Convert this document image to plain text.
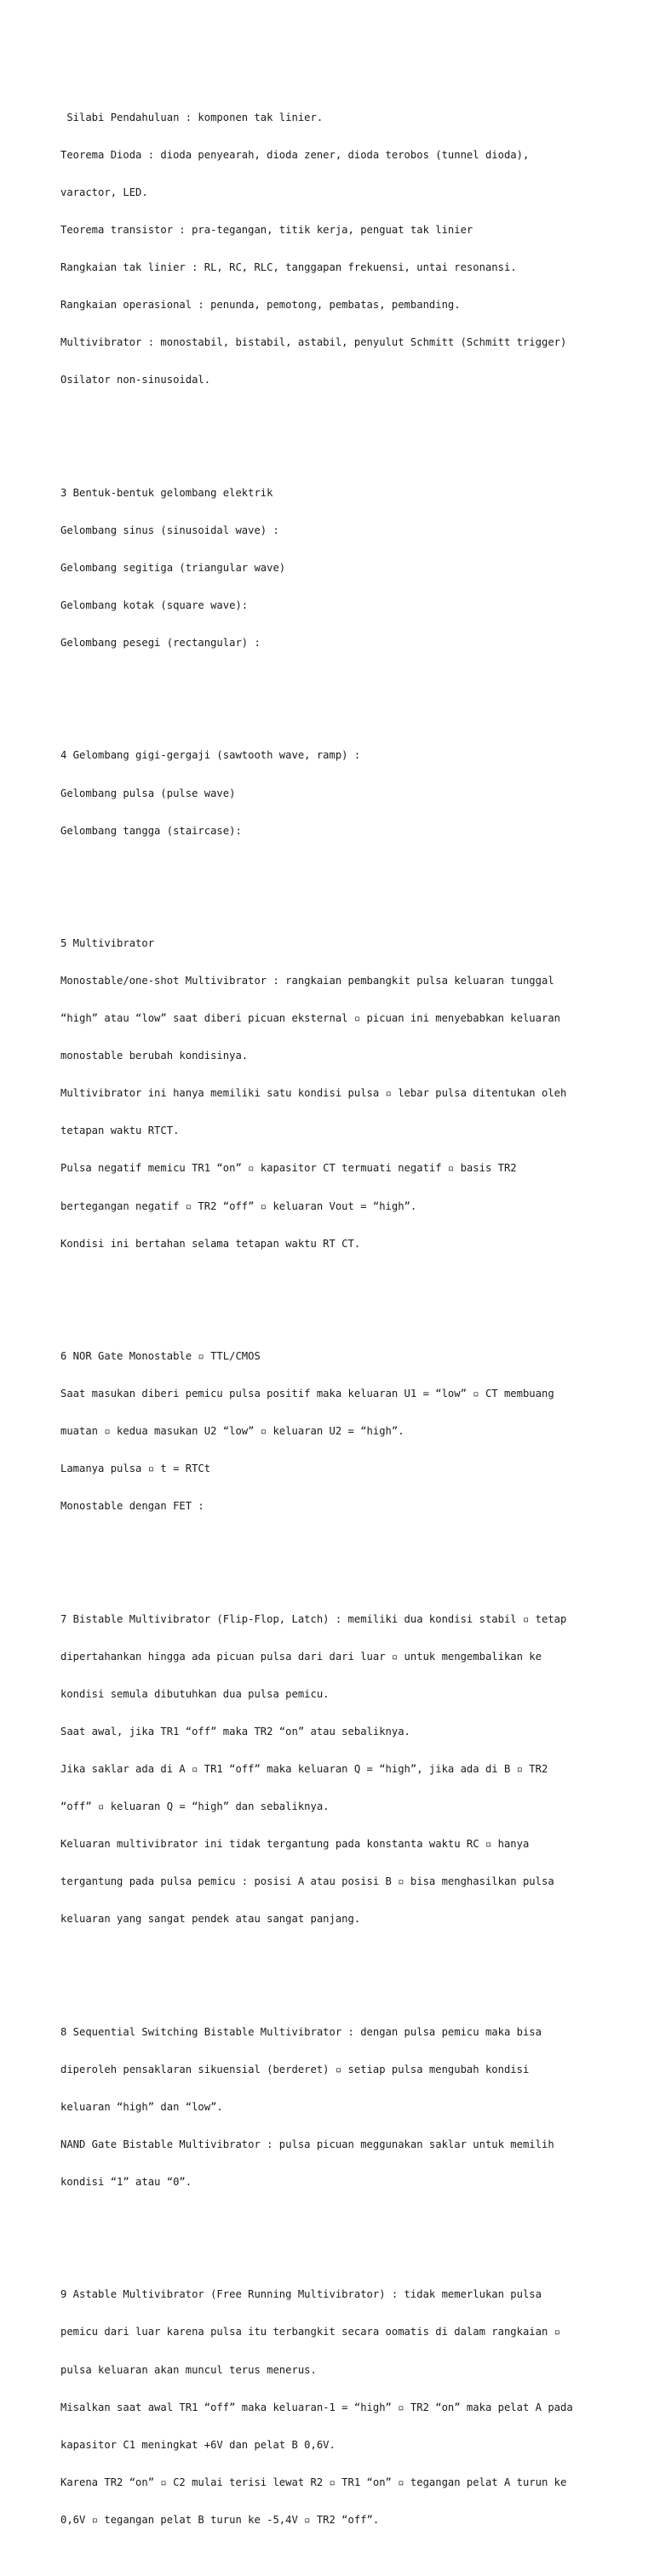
Silabi Pendahuluan : komponen tak linier.

Teorema Dioda : dioda penyearah, dioda zener, dioda terobos (tunnel dioda),

varactor, LED.

Teorema transistor : pra-tegangan, titik kerja, penguat tak linier

Rangkaian tak linier : RL, RC, RLC, tanggapan frekuensi, untai resonansi.

Rangkaian operasional : penunda, pemotong, pembatas, pembanding.

Multivibrator : monostabil, bistabil, astabil, penyulut Schmitt (Schmitt trigger)

Osilator non-sinusoidal.

3 Bentuk-bentuk gelombang elektrik

Gelombang sinus (sinusoidal wave) :

Gelombang segitiga (triangular wave)

Gelombang kotak (square wave):

Gelombang pesegi (rectangular) :

4 Gelombang gigi-gergaji (sawtooth wave, ramp) :

Gelombang pulsa (pulse wave)

Gelombang tangga (staircase):

5 Multivibrator

Monostable/one-shot Multivibrator : rangkaian pembangkit pulsa keluaran tunggal

“high” atau “low” saat diberi picuan eksternal ▫ picuan ini menyebabkan keluaran

monostable berubah kondisinya.

Multivibrator ini hanya memiliki satu kondisi pulsa ▫ lebar pulsa ditentukan oleh

tetapan waktu RTCT.

Pulsa negatif memicu TR1 “on” ▫ kapasitor CT termuati negatif ▫ basis TR2

bertegangan negatif ▫ TR2 “off” ▫ keluaran Vout = “high”.

Kondisi ini bertahan selama tetapan waktu RT CT.

6 NOR Gate Monostable ▫ TTL/CMOS

Saat masukan diberi pemicu pulsa positif maka keluaran U1 = “low” ▫ CT membuang

muatan ▫ kedua masukan U2 “low” ▫ keluaran U2 = “high”.

Lamanya pulsa ▫ t = RTCt

Monostable dengan FET :

7 Bistable Multivibrator (Flip-Flop, Latch) : memiliki dua kondisi stabil ▫ tetap

dipertahankan hingga ada picuan pulsa dari dari luar ▫ untuk mengembalikan ke

kondisi semula dibutuhkan dua pulsa pemicu.

Saat awal, jika TR1 “off” maka TR2 “on” atau sebaliknya.

Jika saklar ada di A ▫ TR1 “off” maka keluaran Q = “high”, jika ada di B ▫ TR2

“off” ▫ keluaran Q = “high” dan sebaliknya.

Keluaran multivibrator ini tidak tergantung pada konstanta waktu RC ▫ hanya

tergantung pada pulsa pemicu : posisi A atau posisi B ▫ bisa menghasilkan pulsa

keluaran yang sangat pendek atau sangat panjang.

8 Sequential Switching Bistable Multivibrator : dengan pulsa pemicu maka bisa

diperoleh pensaklaran sikuensial (berderet) ▫ setiap pulsa mengubah kondisi

keluaran “high” dan “low”.

NAND Gate Bistable Multivibrator : pulsa picuan meggunakan saklar untuk memilih

kondisi “1” atau “0”.

9 Astable Multivibrator (Free Running Multivibrator) : tidak memerlukan pulsa

pemicu dari luar karena pulsa itu terbangkit secara oomatis di dalam rangkaian ▫

pulsa keluaran akan muncul terus menerus.

Misalkan saat awal TR1 “off” maka keluaran-1 = “high” ▫ TR2 “on” maka pelat A pada

kapasitor C1 meningkat +6V dan pelat B 0,6V.

Karena TR2 “on” ▫ C2 mulai terisi lewat R2 ▫ TR1 “on” ▫ tegangan pelat A turun ke

0,6V ▫ tegangan pelat B turun ke -5,4V ▫ TR2 “off”.
